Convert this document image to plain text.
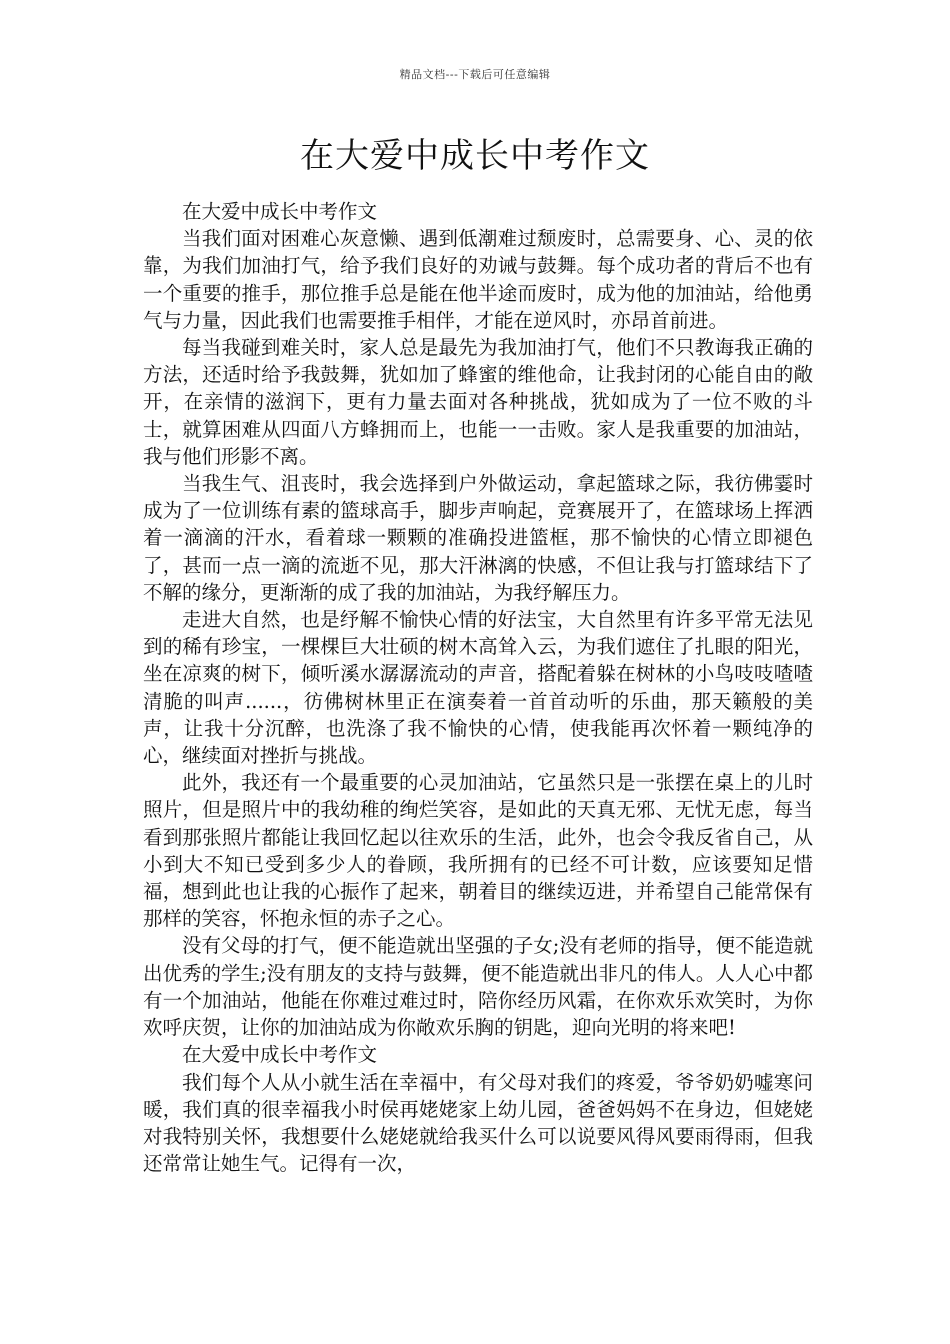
精品文档---下载后可任意编辑
在大爱中成长中考作文

在大爱中成长中考作文

当我们面对困难心灰意懒、遇到低潮难过颓废时，总需要身、心、灵的依靠，为我们加油打气，给予我们良好的劝诫与鼓舞。每个成功者的背后不也有一个重要的推手，那位推手总是能在他半途而废时，成为他的加油站，给他勇气与力量，因此我们也需要推手相伴，才能在逆风时，亦昂首前进。

每当我碰到难关时，家人总是最先为我加油打气，他们不只教诲我正确的方法，还适时给予我鼓舞，犹如加了蜂蜜的维他命，让我封闭的心能自由的敞开，在亲情的滋润下，更有力量去面对各种挑战，犹如成为了一位不败的斗士，就算困难从四面八方蜂拥而上，也能一一击败。家人是我重要的加油站，我与他们形影不离。

当我生气、沮丧时，我会选择到户外做运动，拿起篮球之际，我彷佛霎时成为了一位训练有素的篮球高手，脚步声响起，竞赛展开了，在篮球场上挥洒着一滴滴的汗水，看着球一颗颗的准确投进篮框，那不愉快的心情立即褪色了，甚而一点一滴的流逝不见，那大汗淋漓的快感，不但让我与打篮球结下了不解的缘分，更渐渐的成了我的加油站，为我纾解压力。

走进大自然，也是纾解不愉快心情的好法宝，大自然里有许多平常无法见到的稀有珍宝，一棵棵巨大壮硕的树木高耸入云，为我们遮住了扎眼的阳光，坐在凉爽的树下，倾听溪水潺潺流动的声音，搭配着躲在树林的小鸟吱吱喳喳清脆的叫声......，彷佛树林里正在演奏着一首首动听的乐曲，那天籁般的美声，让我十分沉醉，也洗涤了我不愉快的心情，使我能再次怀着一颗纯净的心，继续面对挫折与挑战。

此外，我还有一个最重要的心灵加油站，它虽然只是一张摆在桌上的儿时照片，但是照片中的我幼稚的绚烂笑容，是如此的天真无邪、无忧无虑，每当看到那张照片都能让我回忆起以往欢乐的生活，此外，也会令我反省自己，从小到大不知已受到多少人的眷顾，我所拥有的已经不可计数，应该要知足惜福，想到此也让我的心振作了起来，朝着目的继续迈进，并希望自己能常保有那样的笑容，怀抱永恒的赤子之心。

没有父母的打气，便不能造就出坚强的子女;没有老师的指导，便不能造就出优秀的学生;没有朋友的支持与鼓舞，便不能造就出非凡的伟人。人人心中都有一个加油站，他能在你难过难过时，陪你经历风霜，在你欢乐欢笑时，为你欢呼庆贺，让你的加油站成为你敞欢乐胸的钥匙，迎向光明的将来吧!

在大爱中成长中考作文

我们每个人从小就生活在幸福中，有父母对我们的疼爱，爷爷奶奶嘘寒问暖，我们真的很幸福我小时侯再姥姥家上幼儿园，爸爸妈妈不在身边，但姥姥对我特别关怀，我想要什么姥姥就给我买什么可以说要风得风要雨得雨，但我还常常让她生气。记得有一次，
